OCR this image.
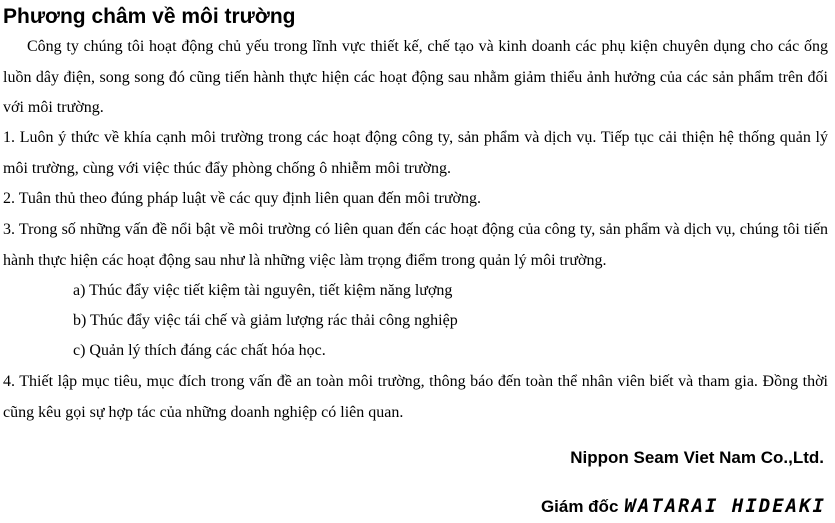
Phương châm về môi trường

Công ty chúng tôi hoạt động chủ yếu trong lĩnh vực thiết kế, chế tạo và kinh doanh các phụ kiện chuyên dụng cho các ống luồn dây điện, song song đó cũng tiến hành thực hiện các hoạt động sau nhằm giảm thiểu ảnh hưởng của các sản phẩm trên đối với môi trường.

1. Luôn ý thức về khía cạnh môi trường trong các hoạt động công ty, sản phẩm và dịch vụ. Tiếp tục cải thiện hệ thống quản lý môi trường, cùng với việc thúc đẩy phòng chống ô nhiễm môi trường.

2. Tuân thủ theo đúng pháp luật về các quy định liên quan đến môi trường.

3. Trong số những vấn đề nổi bật về môi trường có liên quan đến các hoạt động của công ty, sản phẩm và dịch vụ, chúng tôi tiến hành thực hiện các hoạt động sau như là những việc làm trọng điểm trong quản lý môi trường.

a) Thúc đẩy việc tiết kiệm tài nguyên, tiết kiệm năng lượng

b) Thúc đẩy việc tái chế và giảm lượng rác thải công nghiệp

c) Quản lý thích đáng các chất hóa học.

4. Thiết lập mục tiêu, mục đích trong vấn đề an toàn môi trường, thông báo đến toàn thể nhân viên biết và tham gia. Đồng thời cũng kêu gọi sự hợp tác của những doanh nghiệp có liên quan.

Nippon Seam Viet Nam Co.,Ltd.

Giám đốc WATARAI HIDEAKI
